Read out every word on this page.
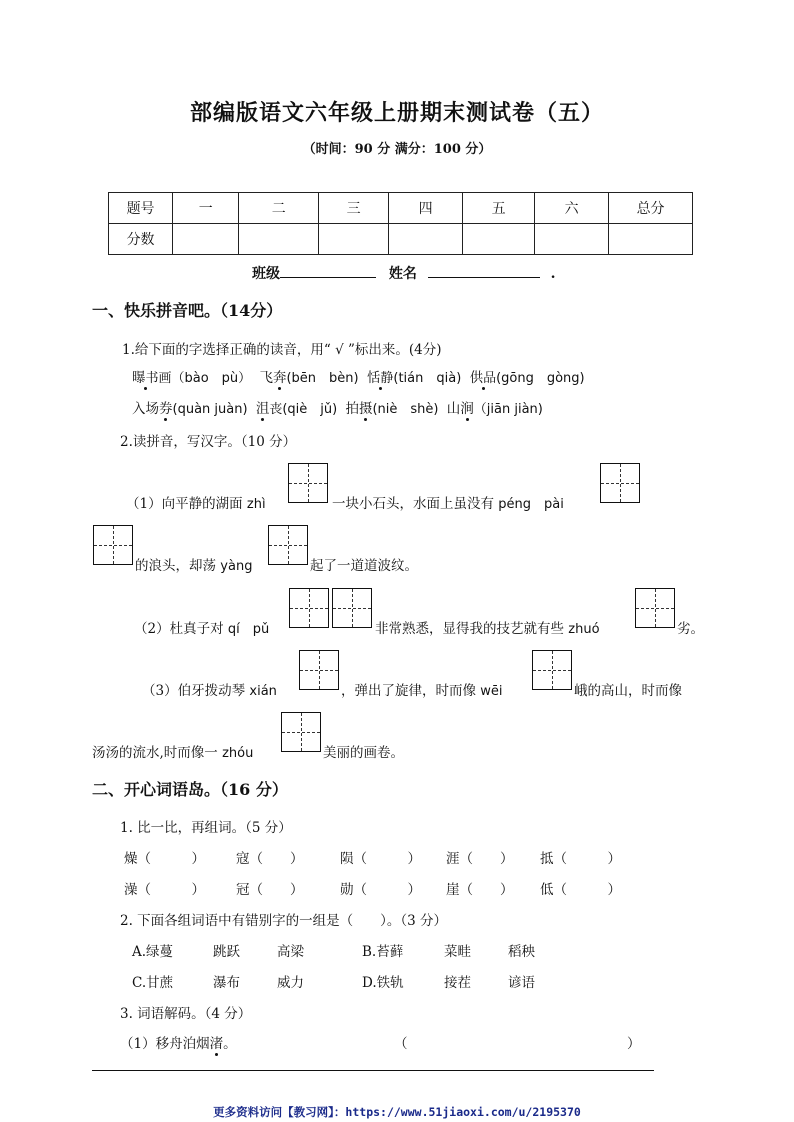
部编版语文六年级上册期末测试卷（五）
（时间：90 分 满分：100 分）
题号	一	二	三	四	五	六	总分
分数							
班级	姓名	.
一、快乐拼音吧。（14分）
1.给下面的字选择正确的读音，用“ √ ”标出来。(4分)
曝书画（bào　pù） 飞奔(bēn　bèn) 恬静(tián　qià) 供品(gōng　gòng)
入场券(quàn juàn) 沮丧(qiè　jǔ) 拍摄(niè　shè) 山涧（jiān jiàn)
2.读拼音，写汉字。（10 分）
（1）向平静的湖面 zhì	一块小石头，水面上虽没有 péng　pài
的浪头，却荡 yàng	起了一道道波纹。
（2）杜真子对 qí　pǔ	非常熟悉，显得我的技艺就有些 zhuó	劣。
（3）伯牙拨动琴 xián	，弹出了旋律，时而像 wēi	峨的高山，时而像
汤汤的流水,时而像一 zhóu	美丽的画卷。
二、开心词语岛。（16 分）
1. 比一比，再组词。（5 分）
燥（　　　） 寇（　　）	陨（　　　） 涯（　　） 抵（　　　）
澡（　　　） 冠（　　）	勋（　　　） 崖（　　） 低（　　　）
2. 下面各组词语中有错别字的一组是（　　）。（3 分）
A.绿蔓	跳跃	高梁	B.苔藓	菜畦	稻秧
C.甘蔗	瀑布	威力	D.铁轨	接茬	谚语
3. 词语解码。（4 分）
（1）移舟泊烟渚。	（	）
更多资料访问【教习网】：https://www.51jiaoxi.com/u/2195370
